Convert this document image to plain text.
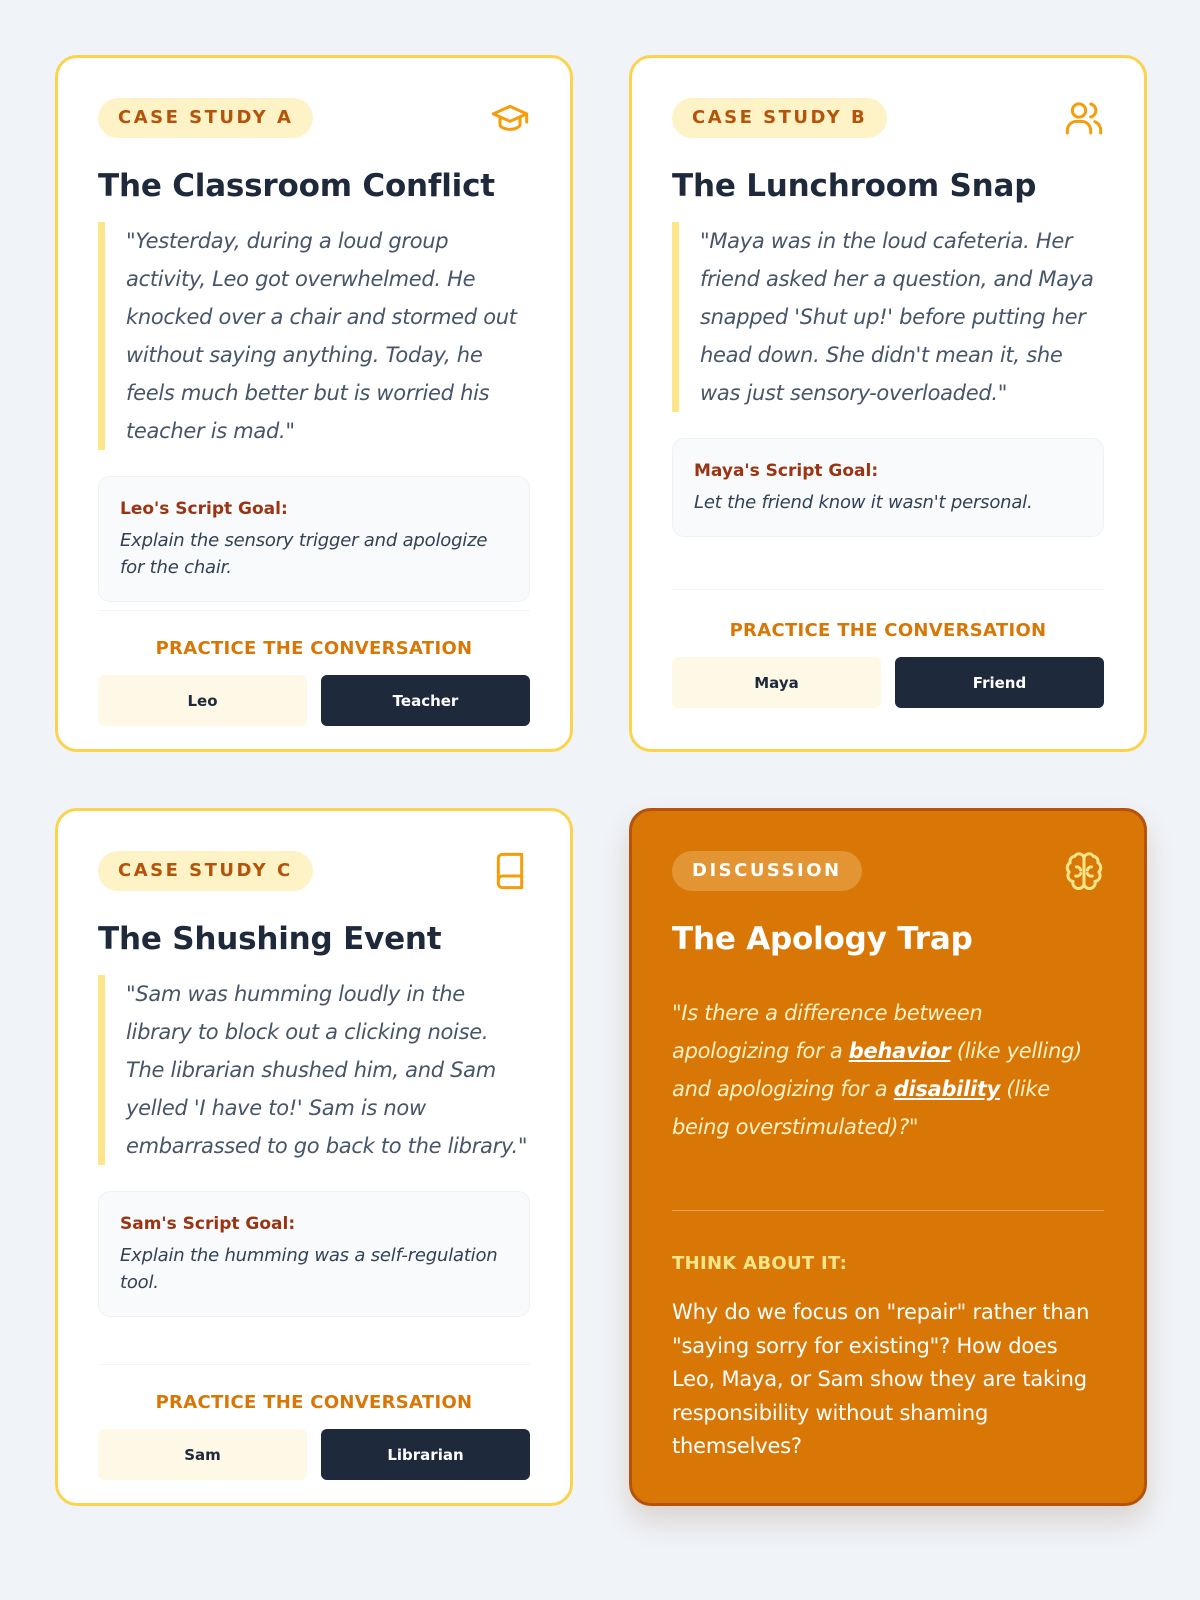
CASE STUDY A
The Classroom Conflict
"Yesterday, during a loud group activity, Leo got overwhelmed. He knocked over a chair and stormed out without saying anything. Today, he feels much better but is worried his teacher is mad."
Leo's Script Goal:
Explain the sensory trigger and apologize for the chair.
PRACTICE THE CONVERSATION
Leo	Teacher
CASE STUDY B
The Lunchroom Snap
"Maya was in the loud cafeteria. Her friend asked her a question, and Maya snapped 'Shut up!' before putting her head down. She didn't mean it, she was just sensory-overloaded."
Maya's Script Goal:
Let the friend know it wasn't personal.
PRACTICE THE CONVERSATION
Maya	Friend
CASE STUDY C
The Shushing Event
"Sam was humming loudly in the library to block out a clicking noise. The librarian shushed him, and Sam yelled 'I have to!' Sam is now embarrassed to go back to the library."
Sam's Script Goal:
Explain the humming was a self-regulation tool.
PRACTICE THE CONVERSATION
Sam	Librarian
DISCUSSION
The Apology Trap
"Is there a difference between apologizing for a behavior (like yelling) and apologizing for a disability (like being overstimulated)?"
THINK ABOUT IT:
Why do we focus on "repair" rather than "saying sorry for existing"? How does Leo, Maya, or Sam show they are taking responsibility without shaming themselves?
